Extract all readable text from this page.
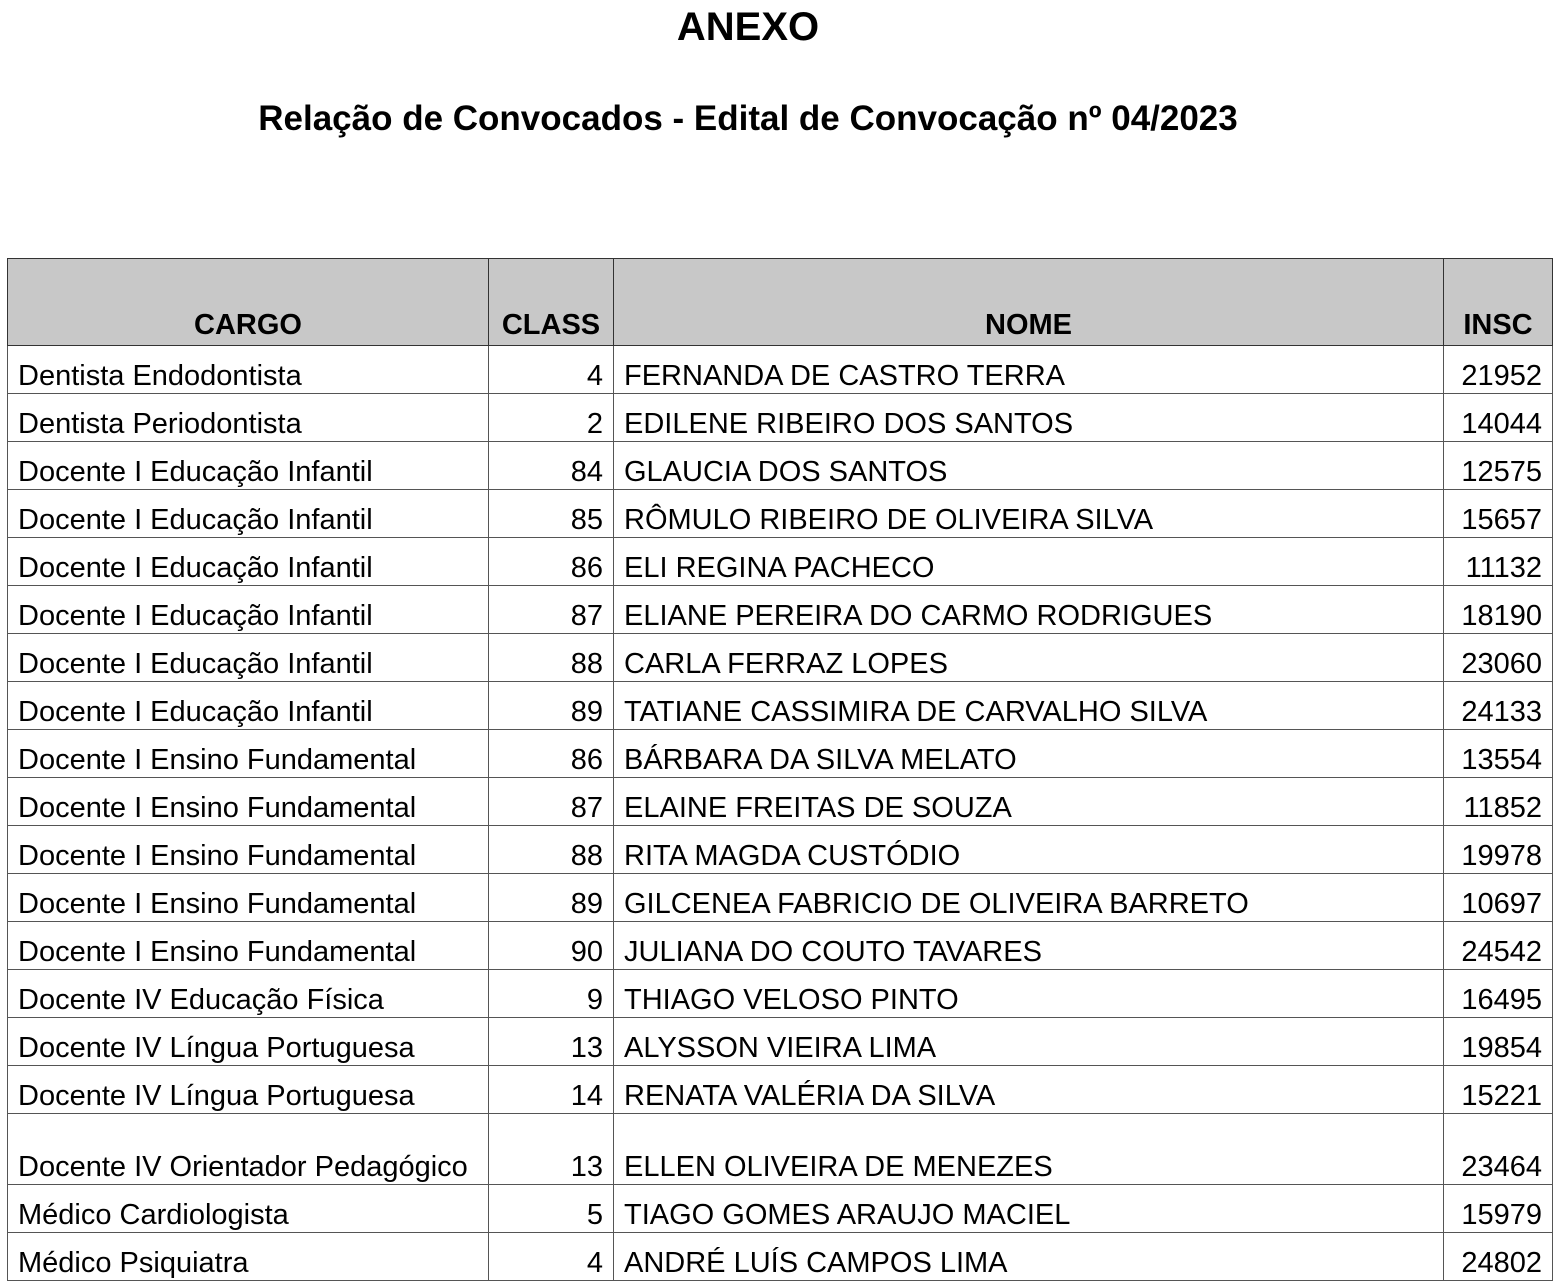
ANEXO
Relação de Convocados - Edital de Convocação nº 04/2023
CARGO	CLASS	NOME	INSC
Dentista Endodontista	4	FERNANDA DE CASTRO TERRA	21952
Dentista Periodontista	2	EDILENE RIBEIRO DOS SANTOS	14044
Docente I Educação Infantil	84	GLAUCIA DOS SANTOS	12575
Docente I Educação Infantil	85	RÔMULO RIBEIRO DE OLIVEIRA SILVA	15657
Docente I Educação Infantil	86	ELI REGINA PACHECO	11132
Docente I Educação Infantil	87	ELIANE PEREIRA DO CARMO RODRIGUES	18190
Docente I Educação Infantil	88	CARLA FERRAZ LOPES	23060
Docente I Educação Infantil	89	TATIANE CASSIMIRA DE CARVALHO SILVA	24133
Docente I Ensino Fundamental	86	BÁRBARA DA SILVA MELATO	13554
Docente I Ensino Fundamental	87	ELAINE FREITAS DE SOUZA	11852
Docente I Ensino Fundamental	88	RITA MAGDA CUSTÓDIO	19978
Docente I Ensino Fundamental	89	GILCENEA FABRICIO DE OLIVEIRA BARRETO	10697
Docente I Ensino Fundamental	90	JULIANA DO COUTO TAVARES	24542
Docente IV Educação Física	9	THIAGO VELOSO PINTO	16495
Docente IV Língua Portuguesa	13	ALYSSON VIEIRA LIMA	19854
Docente IV Língua Portuguesa	14	RENATA VALÉRIA DA SILVA	15221
Docente IV Orientador Pedagógico	13	ELLEN OLIVEIRA DE MENEZES	23464
Médico Cardiologista	5	TIAGO GOMES ARAUJO MACIEL	15979
Médico Psiquiatra	4	ANDRÉ LUÍS CAMPOS LIMA	24802
